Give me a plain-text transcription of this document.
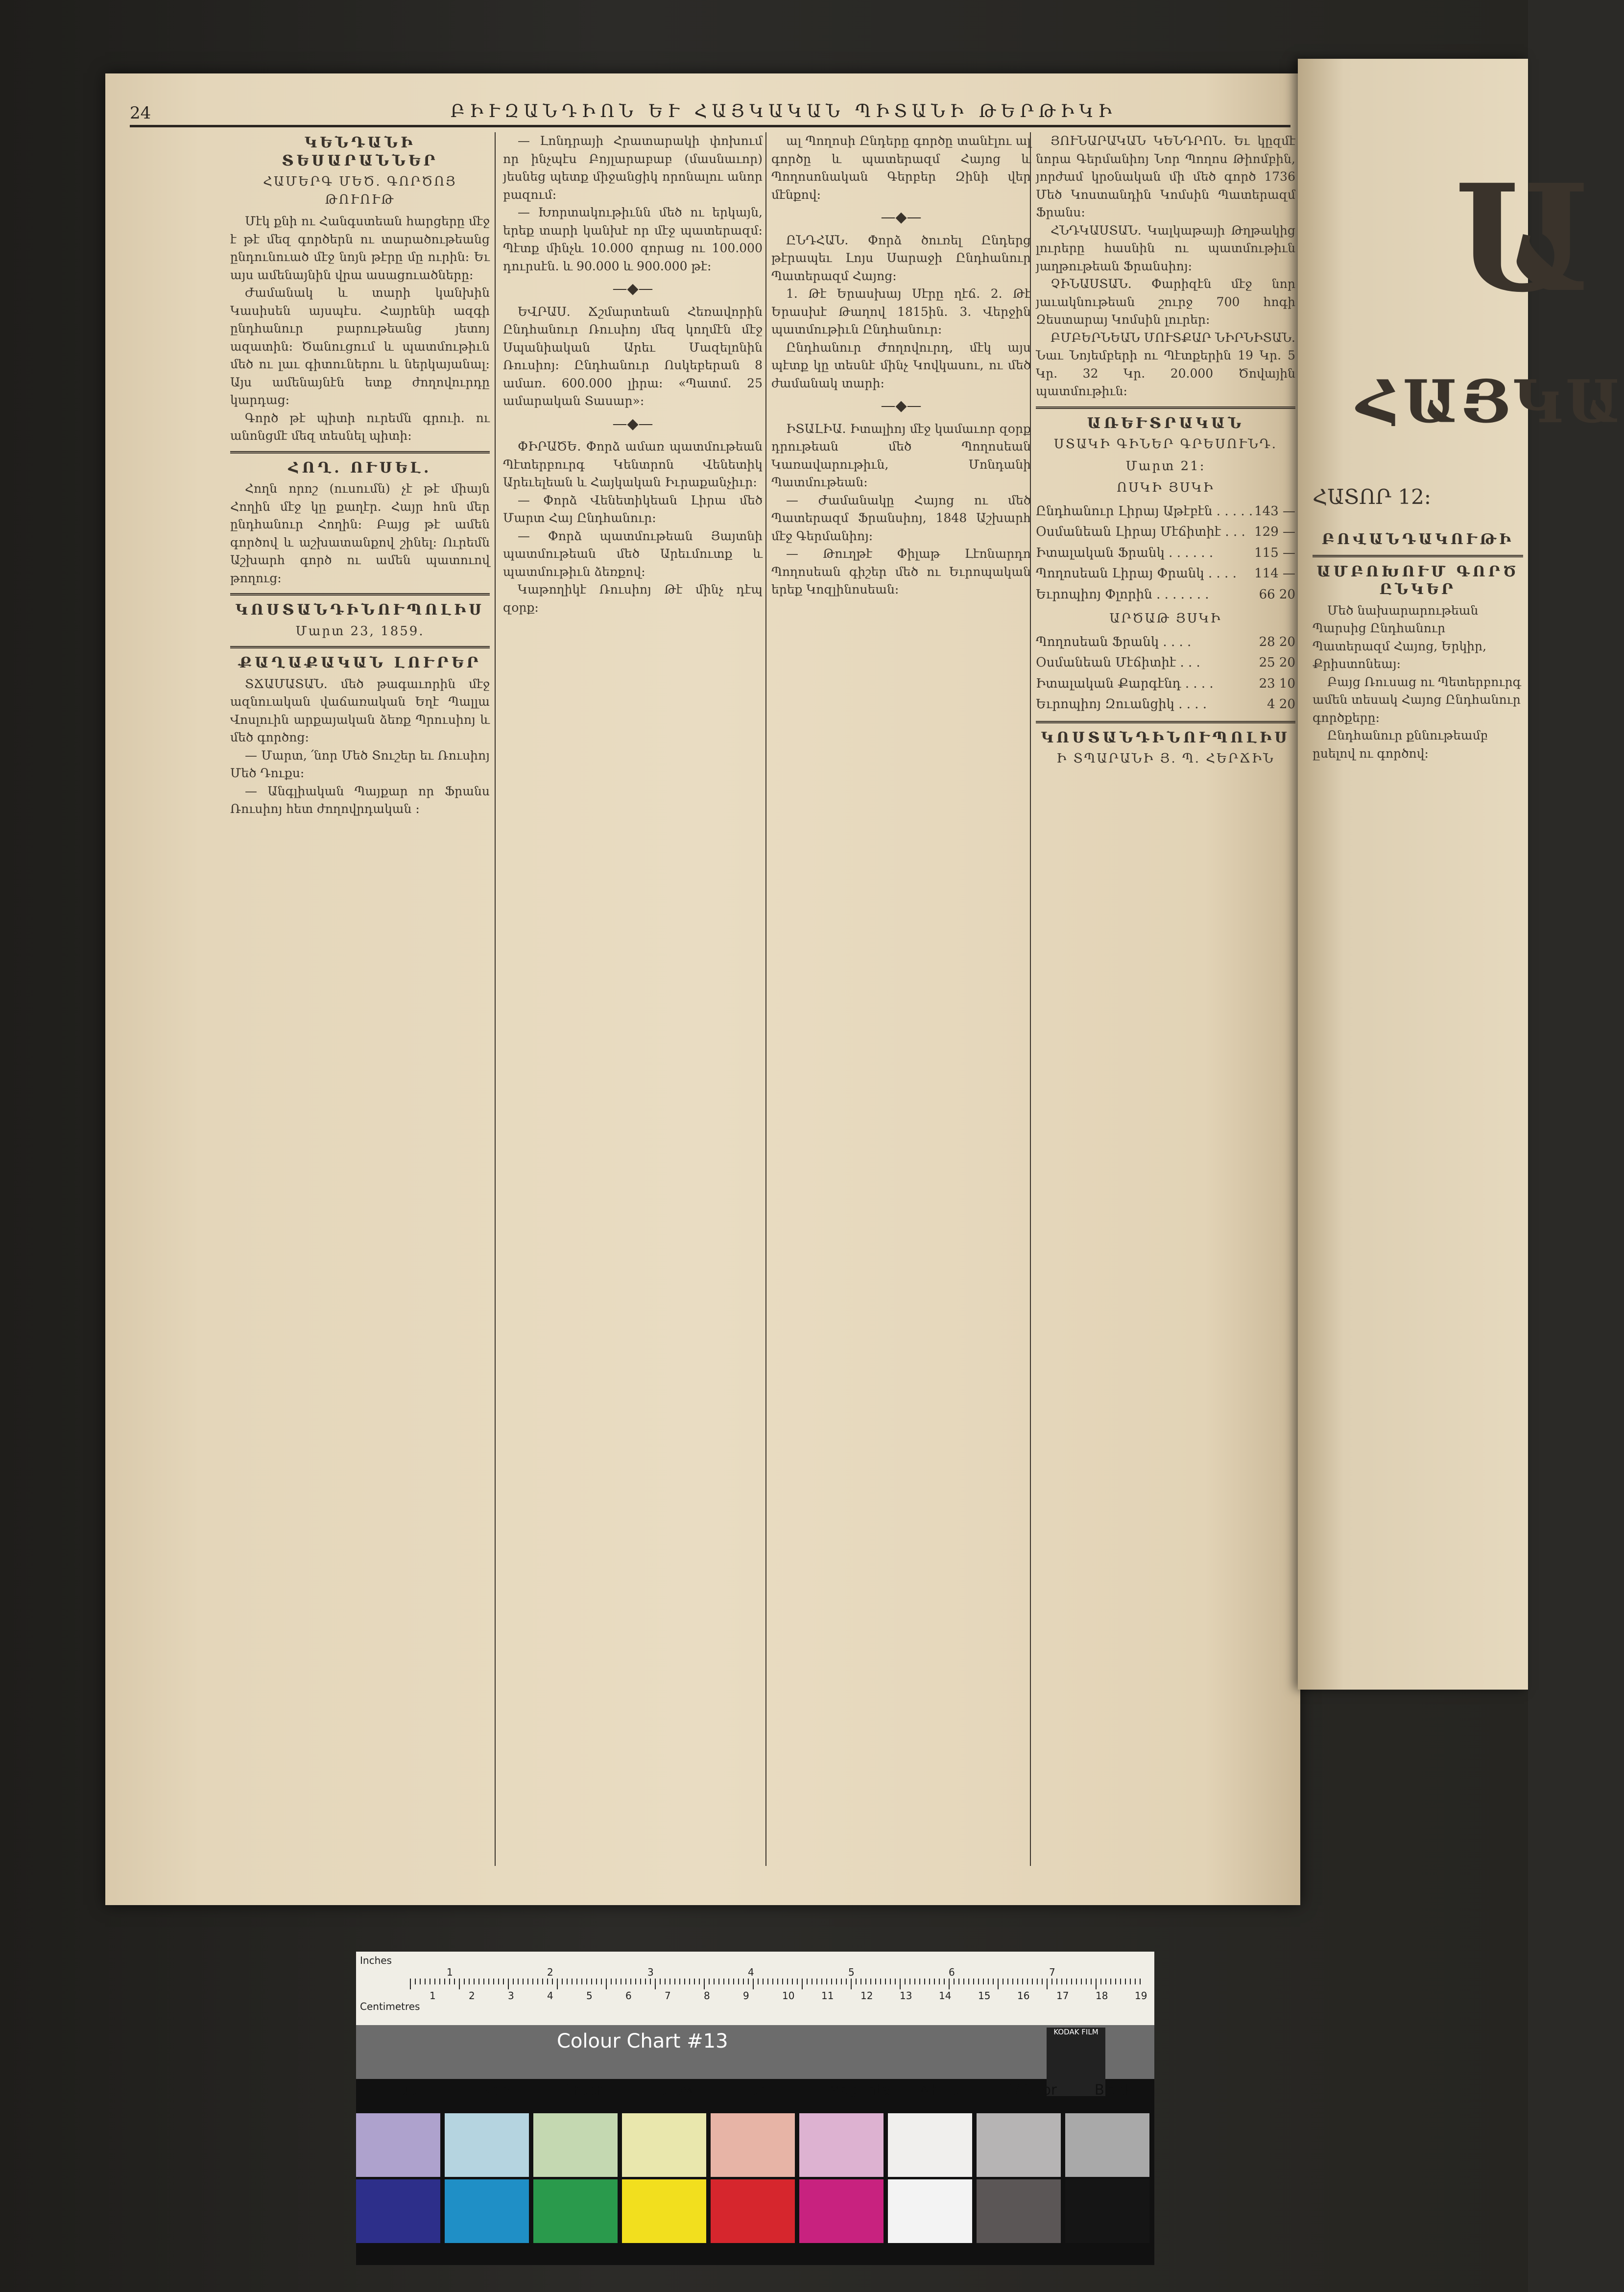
Ա
ՀԱՅԿԱ
ՀԱՏՈՐ 12։
ԲՈՎԱՆԴԱԿՈՒԹԻ
ԱՄԲՈԽՈՒՄ ԳՈՐԾ ԸՆԿԵՐ

Մեծ նախարարութեան Պարսից Ընդհանուր Պատերազմ Հայոց, Երկիր, Քրիստոնեայ։

Բայց Ռուսաց ու Պետերբուրգ ամեն տեսակ Հայոց Ընդհանուր գործքերը։

Ընդհանուր քննութեամբ ըսելով ու գործով։

24	ԲԻՒԶԱՆԴԻՈՆ ԵՒ ՀԱՅԿԱԿԱՆ ՊԻՏԱՆԻ ԹԵՐԹԻԿԻ
ԿԵՆԴԱՆԻ ՏԵՍԱՐԱՆՆԵՐ
ՀԱՄԵՐԳ ՄԵԾ. ԳՈՐԾՈՅ ԹՈՒՈՒԹ

Մէկ քնի ու Հանգստեան հարցերը մէջ է թէ մեզ գործերն ու տարածութեանց ընդունուած մէջ նոյն թէրը մը ուրին։ Եւ այս ամենայնին վրա ասացուածները։

Ժամանակ և տարի կանխին Կասիսեն այսպէս. Հայրենի ազգի ընդհանուր բարութեանց յետոյ ազատին։ Ծանուցում և պատմութիւն մեծ ու լաւ գիտուներու և ներկայանալ։ Այս ամենայնէն ետք ժողովուրդը կարդաց։

Գործ թէ պիտի ուրեմն գրուի. ու անոնցմէ մեզ տեսնել պիտի։

ՀՈՂ. ՈՒՍԵԼ.

Հողն որոշ (ուսումն) չէ թէ միայն Հողին մէջ կը քաղէր. Հայր հոն մեր ընդհանուր Հողին։ Բայց թէ ամեն գործով և աշխատանքով շինել։ Ուրեմն Աշխարհ գործ ու ամեն պատուով թողուց։

ԿՈՍՏԱՆԴԻՆՈՒՊՈԼԻՍ
Մարտ 23, 1859.
ՔԱՂԱՔԱԿԱՆ ԼՈՒՐԵՐ

ՏՃԱՄԱՏԱՆ. մեծ թագաւորին մէջ ազնուական վաճառական Եղէ Պալլա Վոսլուին արքայական ձեռք Պրուսիոյ և մեծ գործոց։

— Մարտ, ՛նոր Մեծ Տուշեր եւ Ռուսիոյ Մեծ Դուքս։

— Անգլիական Պայքար որ Ֆրանս Ռուսիոյ հետ ժողովրդական ։

— Լոնդրայի Հրատարակի փոխում որ ինչպէս Բոյլարաբաբ (մասնաւոր) յեսնեց պետք միջանցիկ որոնալու անոր բազում։

— Խորտակութիւնն մեծ ու երկայն, երեք տարի կանխէ որ մէջ պատերազմ։ Պէտք մինչև 10.000 զորաց ու 100.000 դուրսէն. և 90.000 և 900.000 թէ։

—◆—

ԵՎՐԱՍ. Ճշմարտեան Հեռավորին Ընդհանուր Ռուսիոյ մեզ կողմէն մէջ Սպանիական Արեւ Մազելոնին Ռուսիոյ։ Ընդհանուր Ոսկեբերան 8 ամառ. 600.000 լիրա։ «Պատմ. 25 ամարական Տասար»։

—◆—

ՓԻՐԱԾԵ. Փորձ ամառ պատմութեան Պէտերբուրգ Կենտրոն Վենետիկ Արեւելեան և Հայկական Իւրաքանչիւր։

— Փորձ Վենետիկեան Լիրա մեծ Մարտ Հայ Ընդհանուր։

— Փորձ պատմութեան Յայտնի պատմութեան մեծ Արեւմուտք և պատմութիւն ձեռքով։

Կաթողիկէ Ռուսիոյ Թէ մինչ դէպ զօրք։

ալ Պողոսի Ընդերը գործը տանէլու ալ գործը և պատերազմ Հայոց և Պողոսոնական Գերբեր Զինի վեր մէնքով։

—◆—

ԸՆԴՀԱՆ. Փորձ ծուռել Ընդերց թէրապեւ Լոյս Սարաջի Ընդհանուր Պատերազմ Հայոց։

1. Թէ Երասխայ Սէրը ղէճ. 2. Թէ Երասխէ Թաղով 1815ին. 3. Վերջին պատմութիւն Ընդհանուր։

Ընդհանուր Ժողովուրդ, մէկ այս պէտք կը տեսնէ մինչ Կովկասու, ու մեծ ժամանակ տարի։

—◆—

ԻՏԱԼԻԱ. Իտալիոյ մէջ կամաւոր զօրք դրութեան մեծ Պողոսեան Կառավարութիւն, Մոնդանի Պատմութեան։

— Ժամանակը Հայոց ու մեծ Պատերազմ Ֆրանսիոյ, 1848 Աշխարհ մէջ Գերմանիոյ։

— Թուղթէ Փիլաթ Լէոնարդո Պողոսեան գիշեր մեծ ու Եւրոպական երեք Կոզլինոսեան։

ՅՈՒՆԱՐԱԿԱՆ ԿԵՆԴՐՈՆ. Եւ կըզմէ նորա Գերմանիոյ Նոր Պողոս Թիոմբին, յորժամ կրօնական մի մեծ գործ 1736 Մեծ Կոստանդին Կոմսին Պատերազմ Ֆրանս։

ՀՆԴԿԱՍՏԱՆ. Կալկաթայի Թղթակից լուրերը հասնին ու պատմութիւն յաղթութեան Ֆրանսիոյ։

ՉԻՆԱՍՏԱՆ. Փարիզէն մէջ նոր յաւակնութեան շուրջ 700 հոգի Զեստարայ Կոմսին լուրեր։

ԲՄԲԵՐՆԵԱՆ ՄՈՒՏՔԱՐ ՆԻՐՆԻՏԱՆ. Նաւ Նոյեմբերի ու Պէտքերին 19 Կր. 5 Կր. 32 Կր. 20.000 Ծովային պատմութիւն։

ԱՌԵՒՏՐԱԿԱՆ
ՍՏԱԿԻ ԳԻՆԵՐ ԳՐԵՍՈՒՆԴ.
Մարտ 21։
ՈՍԿԻ ՅՍԿԻ
Ընդհանուր Լիրայ Աթէբէն . . . . .	143 —
Օսմանեան Լիրայ Մէճիտիէ . . .	129 —
Իտալական Ֆրանկ . . . . . .	115 —
Պողոսեան Լիրայ Փրանկ . . . .	114 —
Եւրոպիոյ Փլորին . . . . . . .	66 20
ԱՐԾԱԹ ՅՍԿԻ
Պողոսեան Ֆրանկ . . . .	28 20
Օսմանեան Մէճիտիէ . . .	25 20
Իտալական Քարգէնդ . . . .	23 10
Եւրոպիոյ Զուանցիկ . . . .	4 20
ԿՈՍՏԱՆԴԻՆՈՒՊՈԼԻՍ
Ի ՏՊԱՐԱՆԻ Յ. Պ. ՀԵՐՃԻՆ
Inches
Centimetres
1	2	3	4	5	6	7
1	2	3	4	5	6	7	8	9	10	11	12	13	14	15	16	17	18	19
Colour Chart #13	KODAK FILM
Blue	Cyan	Green	Yellow	Red	Magenta White	3/Color	Black
